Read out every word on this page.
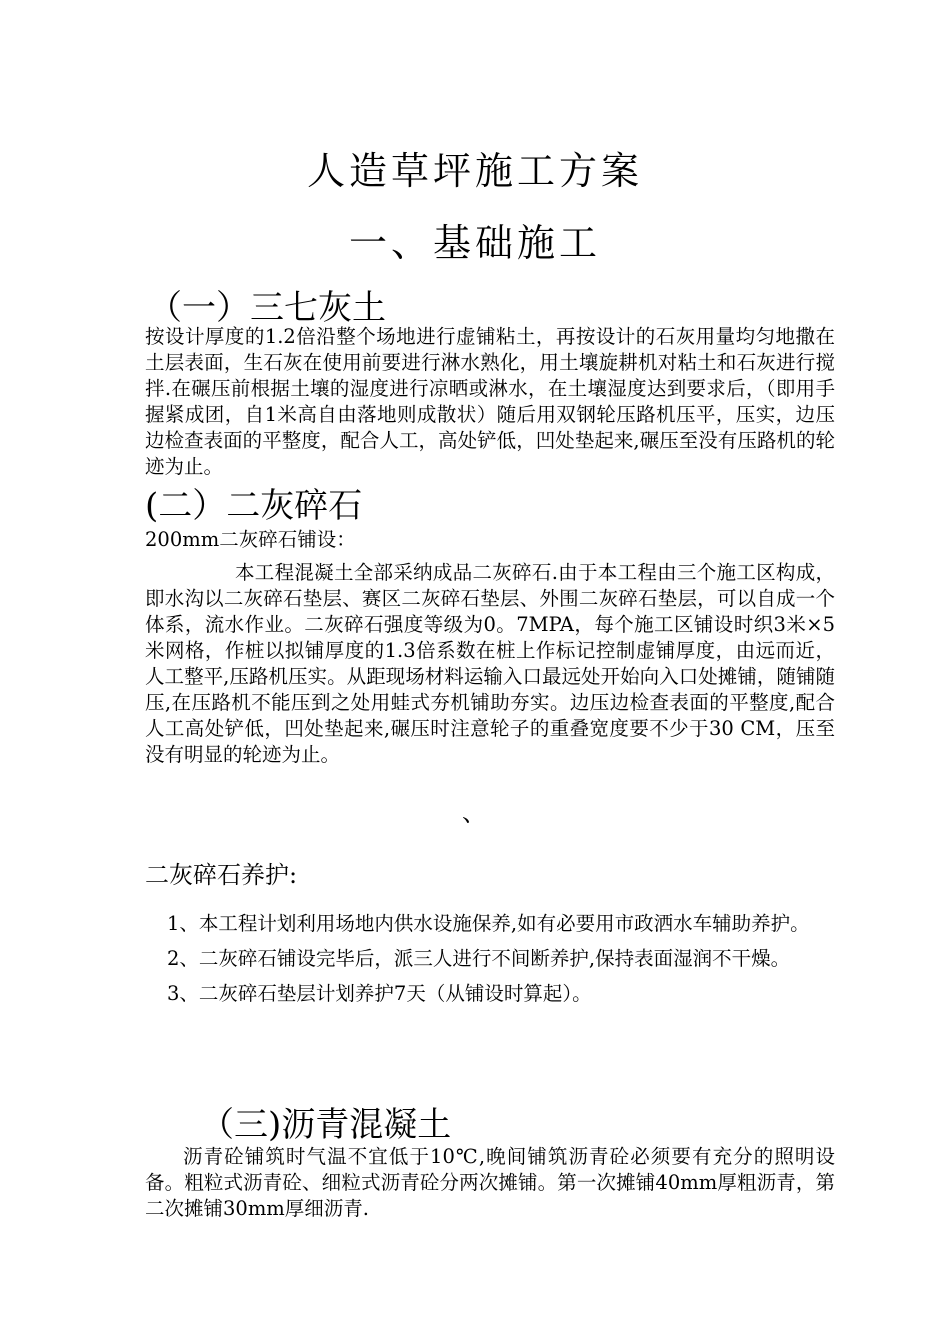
人造草坪施工方案
一、基础施工
（一）三七灰土
按设计厚度的1.2倍沿整个场地进行虚铺粘土，再按设计的石灰用量均匀地撒在土层表面，生石灰在使用前要进行淋水熟化，用土壤旋耕机对粘土和石灰进行搅拌.在碾压前根据土壤的湿度进行凉晒或淋水，在土壤湿度达到要求后，（即用手握紧成团，自1米高自由落地则成散状）随后用双钢轮压路机压平，压实，边压边检查表面的平整度，配合人工，高处铲低，凹处垫起来,碾压至没有压路机的轮迹为止。
(二）二灰碎石
200mm二灰碎石铺设：
本工程混凝土全部采纳成品二灰碎石.由于本工程由三个施工区构成，即水沟以二灰碎石垫层、赛区二灰碎石垫层、外围二灰碎石垫层，可以自成一个体系，流水作业。二灰碎石强度等级为0。7MPA，每个施工区铺设时织3米×5米网格，作桩以拟铺厚度的1.3倍系数在桩上作标记控制虚铺厚度，由远而近，人工整平,压路机压实。从距现场材料运输入口最远处开始向入口处摊铺，随铺随压,在压路机不能压到之处用蛙式夯机铺助夯实。边压边检查表面的平整度,配合人工高处铲低，凹处垫起来,碾压时注意轮子的重叠宽度要不少于30 CM，压至没有明显的轮迹为止。
、
二灰碎石养护:

1、本工程计划利用场地内供水设施保养,如有必要用市政洒水车辅助养护。

2、二灰碎石铺设完毕后，派三人进行不间断养护,保持表面湿润不干燥。

3、二灰碎石垫层计划养护7天（从铺设时算起）。

（三)沥青混凝土
沥青砼铺筑时气温不宜低于10℃,晚间铺筑沥青砼必须要有充分的照明设备。粗粒式沥青砼、细粒式沥青砼分两次摊铺。第一次摊铺40mm厚粗沥青，第二次摊铺30mm厚细沥青.
